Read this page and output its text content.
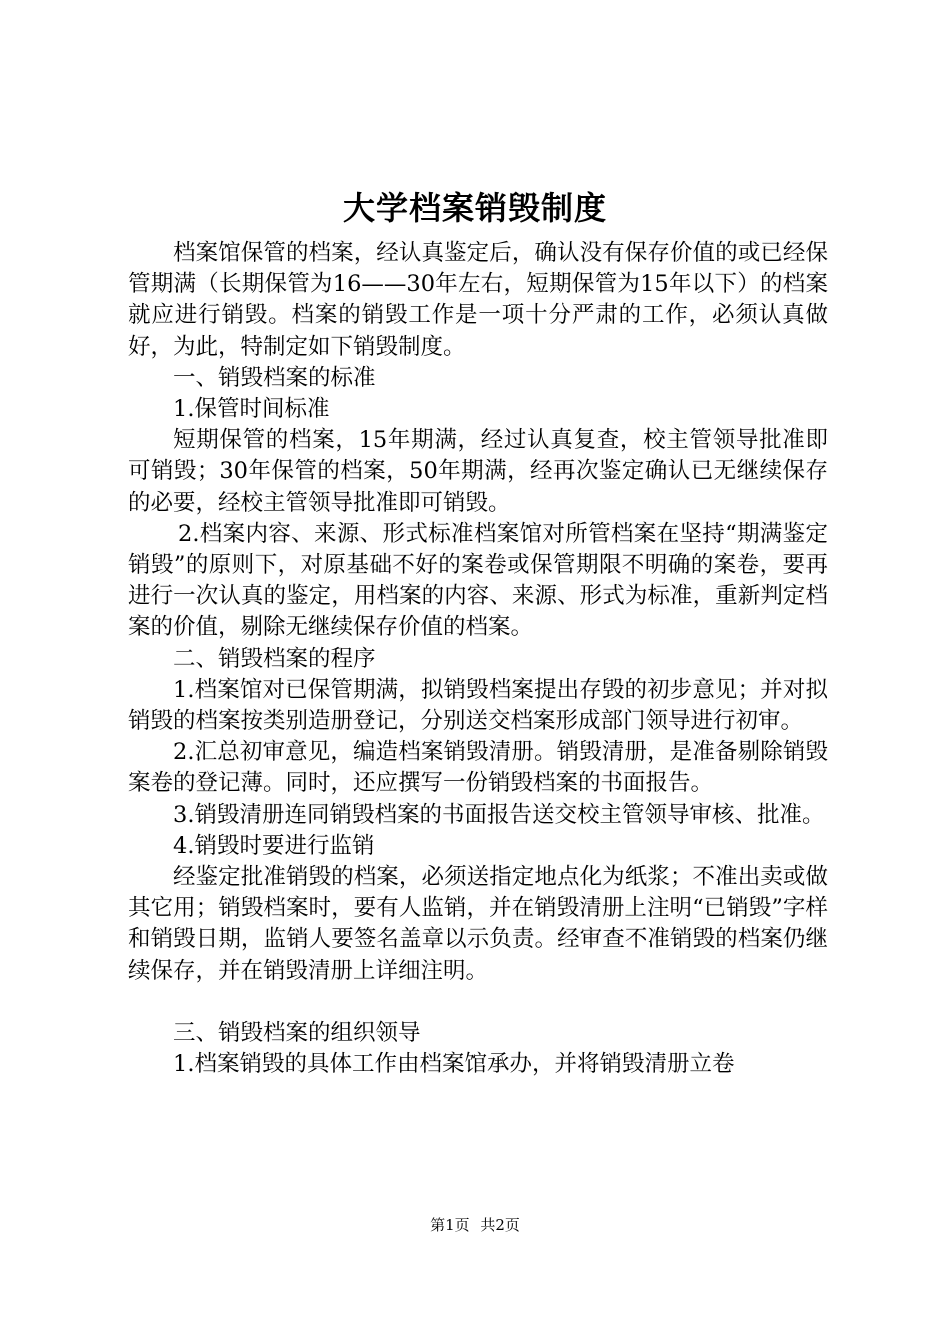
大学档案销毁制度

档案馆保管的档案，经认真鉴定后，确认没有保存价值的或已经保管期满（长期保管为16——30年左右，短期保管为15年以下）的档案就应进行销毁。档案的销毁工作是一项十分严肃的工作，必须认真做好，为此，特制定如下销毁制度。

一、销毁档案的标准

1.保管时间标准

短期保管的档案，15年期满，经过认真复查，校主管领导批准即可销毁；30年保管的档案，50年期满，经再次鉴定确认已无继续保存的必要，经校主管领导批准即可销毁。

2.档案内容、来源、形式标准档案馆对所管档案在坚持“期满鉴定销毁”的原则下，对原基础不好的案卷或保管期限不明确的案卷，要再进行一次认真的鉴定，用档案的内容、来源、形式为标准，重新判定档案的价值，剔除无继续保存价值的档案。

二、销毁档案的程序

1.档案馆对已保管期满，拟销毁档案提出存毁的初步意见；并对拟销毁的档案按类别造册登记，分别送交档案形成部门领导进行初审。

2.汇总初审意见，编造档案销毁清册。销毁清册，是准备剔除销毁案卷的登记薄。同时，还应撰写一份销毁档案的书面报告。

3.销毁清册连同销毁档案的书面报告送交校主管领导审核、批准。

4.销毁时要进行监销

经鉴定批准销毁的档案，必须送指定地点化为纸浆；不准出卖或做其它用；销毁档案时，要有人监销，并在销毁清册上注明“已销毁”字样和销毁日期，监销人要签名盖章以示负责。经审查不准销毁的档案仍继续保存，并在销毁清册上详细注明。

三、销毁档案的组织领导

1.档案销毁的具体工作由档案馆承办，并将销毁清册立卷

第1页 共2页
